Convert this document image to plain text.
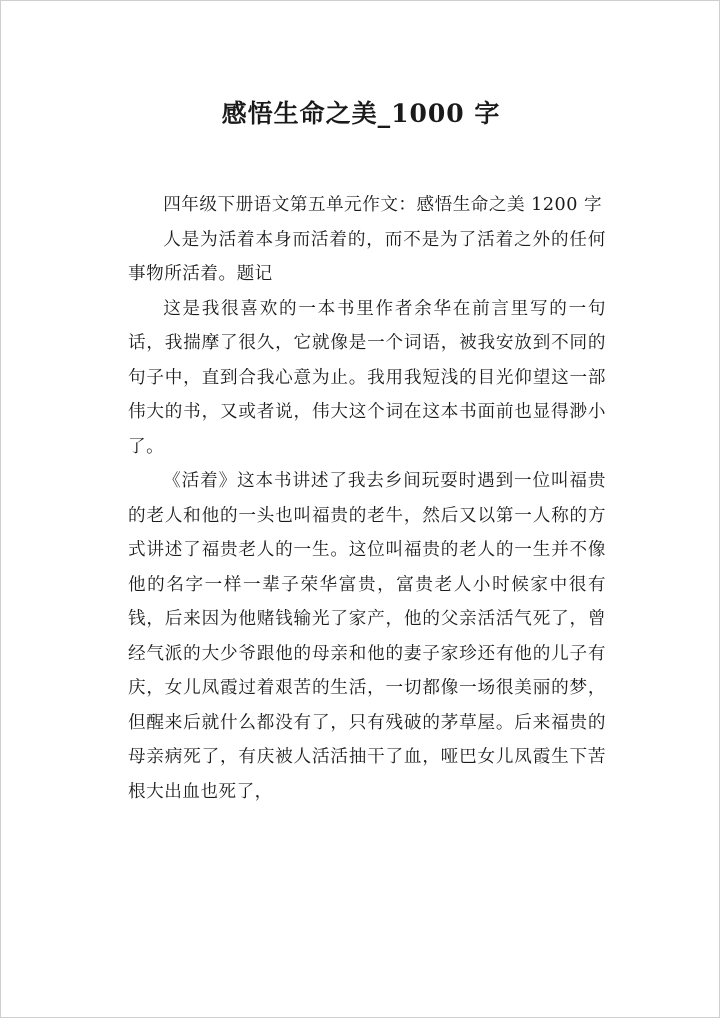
感悟生命之美_1000 字

四年级下册语文第五单元作文：感悟生命之美 1200 字

人是为活着本身而活着的，而不是为了活着之外的任何事物所活着。题记

这是我很喜欢的一本书里作者余华在前言里写的一句话，我揣摩了很久，它就像是一个词语，被我安放到不同的句子中，直到合我心意为止。我用我短浅的目光仰望这一部伟大的书，又或者说，伟大这个词在这本书面前也显得渺小了。

《活着》这本书讲述了我去乡间玩耍时遇到一位叫福贵的老人和他的一头也叫福贵的老牛，然后又以第一人称的方式讲述了福贵老人的一生。这位叫福贵的老人的一生并不像他的名字一样一辈子荣华富贵，富贵老人小时候家中很有钱，后来因为他赌钱输光了家产，他的父亲活活气死了，曾经气派的大少爷跟他的母亲和他的妻子家珍还有他的儿子有庆，女儿凤霞过着艰苦的生活，一切都像一场很美丽的梦，但醒来后就什么都没有了，只有残破的茅草屋。后来福贵的母亲病死了，有庆被人活活抽干了血，哑巴女儿凤霞生下苦根大出血也死了，
